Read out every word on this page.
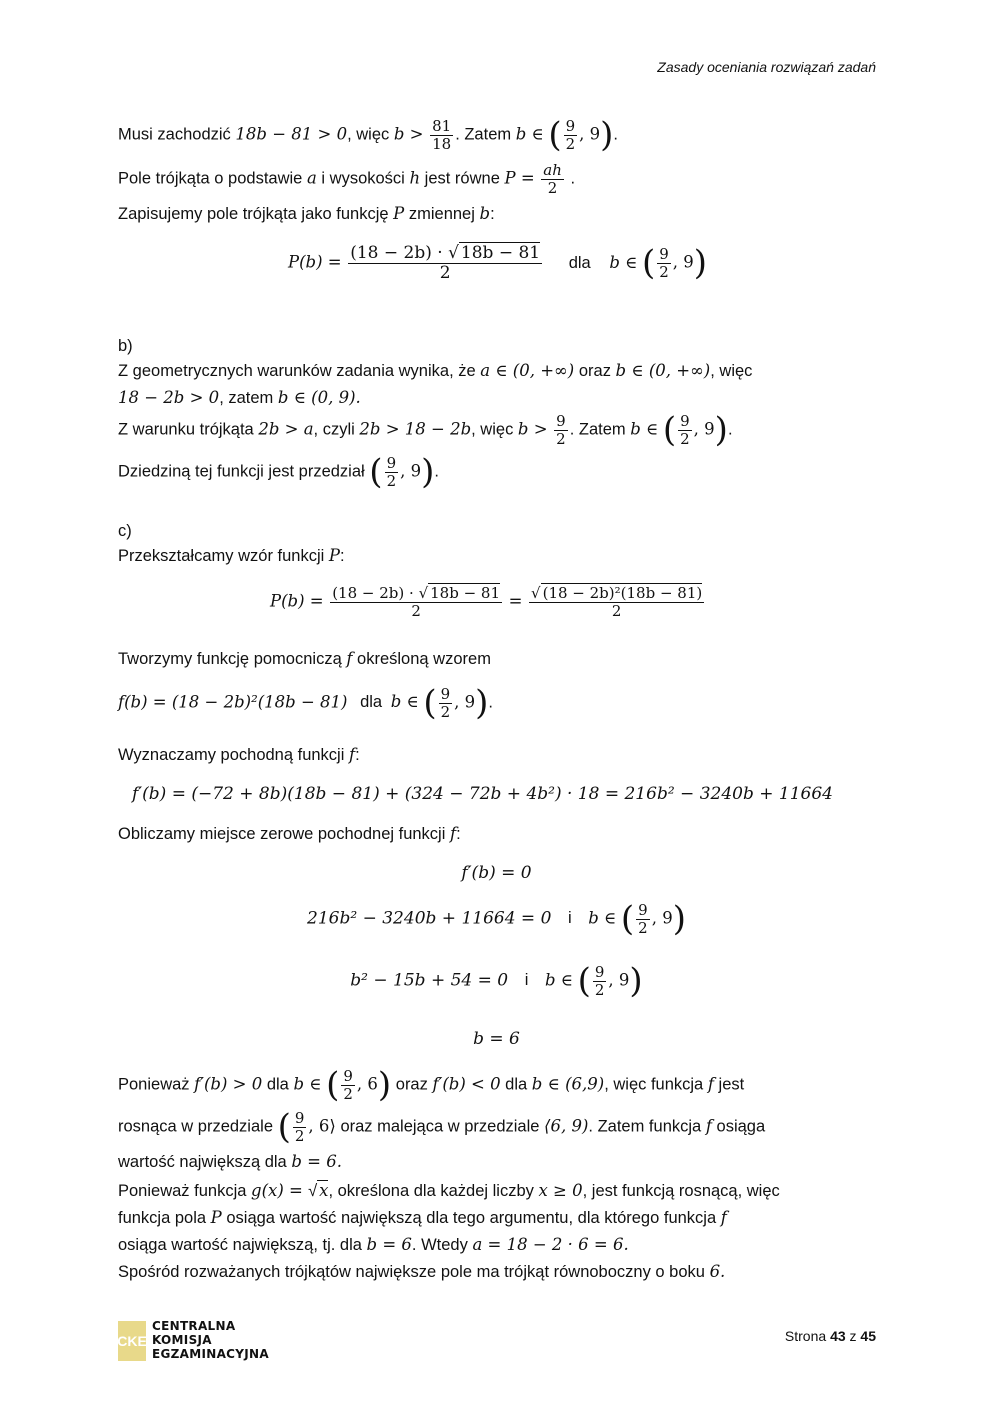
Zasady oceniania rozwiązań zadań
Musi zachodzić 18b − 81 > 0, więc $b > \frac{81}{18}$ . Zatem b ∈ ( $\frac{9}{2}$ , 9).
Pole trójkąta o podstawie a i wysokości h jest równe $P = \frac{ah}{2}$ .
Zapisujemy pole trójkąta jako funkcję P zmiennej b:
$P(b) = \frac{(18 - 2b) \cdot √ 18b - 81}{2}$ dla b ∈ ( $\frac{9}{2}$ , 9)
b)
Z geometrycznych warunków zadania wynika, że a ∈ (0, +∞) oraz b ∈ (0, +∞), więc
18 − 2b > 0, zatem b ∈ (0, 9).
Z warunku trójkąta 2b > a, czyli 2b > 18 − 2b, więc $b > \frac{9}{2}$ . Zatem b ∈ ( $\frac{9}{2}$ , 9).
Dziedziną tej funkcji jest przedział ( $\frac{9}{2}$ , 9).
c)
Przekształcamy wzór funkcji P:
$P(b) = \frac{(18 - 2b) \cdot √ 18b - 81}{2} = \frac{\text{√ (18 − 2b)²(18b − 81)}}{2}$
Tworzymy funkcję pomocniczą f określoną wzorem
f(b) = (18 − 2b)²(18b − 81) dla b ∈ ( $\frac{9}{2}$ , 9).
Wyznaczamy pochodną funkcji f:
f′(b) = (−72 + 8b)(18b − 81) + (324 − 72b + 4b²) · 18 = 216b² − 3240b + 11664
Obliczamy miejsce zerowe pochodnej funkcji f:
f′(b) = 0
216b² − 3240b + 11664 = 0 i b ∈ ( $\frac{9}{2}$ , 9)
b² − 15b + 54 = 0 i b ∈ ( $\frac{9}{2}$ , 9)
b = 6
Ponieważ f′(b) > 0 dla b ∈ ( $\frac{9}{2}$ , 6) oraz f′(b) < 0 dla b ∈ (6,9), więc funkcja f jest
rosnąca w przedziale ( $\frac{9}{2}$ , 6⟩ oraz malejąca w przedziale ⟨6, 9). Zatem funkcja f osiąga
wartość największą dla b = 6.
Ponieważ funkcja g(x) = √ x, określona dla każdej liczby x ≥ 0, jest funkcją rosnącą, więc
funkcja pola P osiąga wartość największą dla tego argumentu, dla którego funkcja f
osiąga wartość największą, tj. dla b = 6. Wtedy a = 18 − 2 · 6 = 6.
Spośród rozważanych trójkątów największe pole ma trójkąt równoboczny o boku 6.
CKE
CENTRALNA
KOMISJA
EGZAMINACYJNA
Strona 43 z 45
